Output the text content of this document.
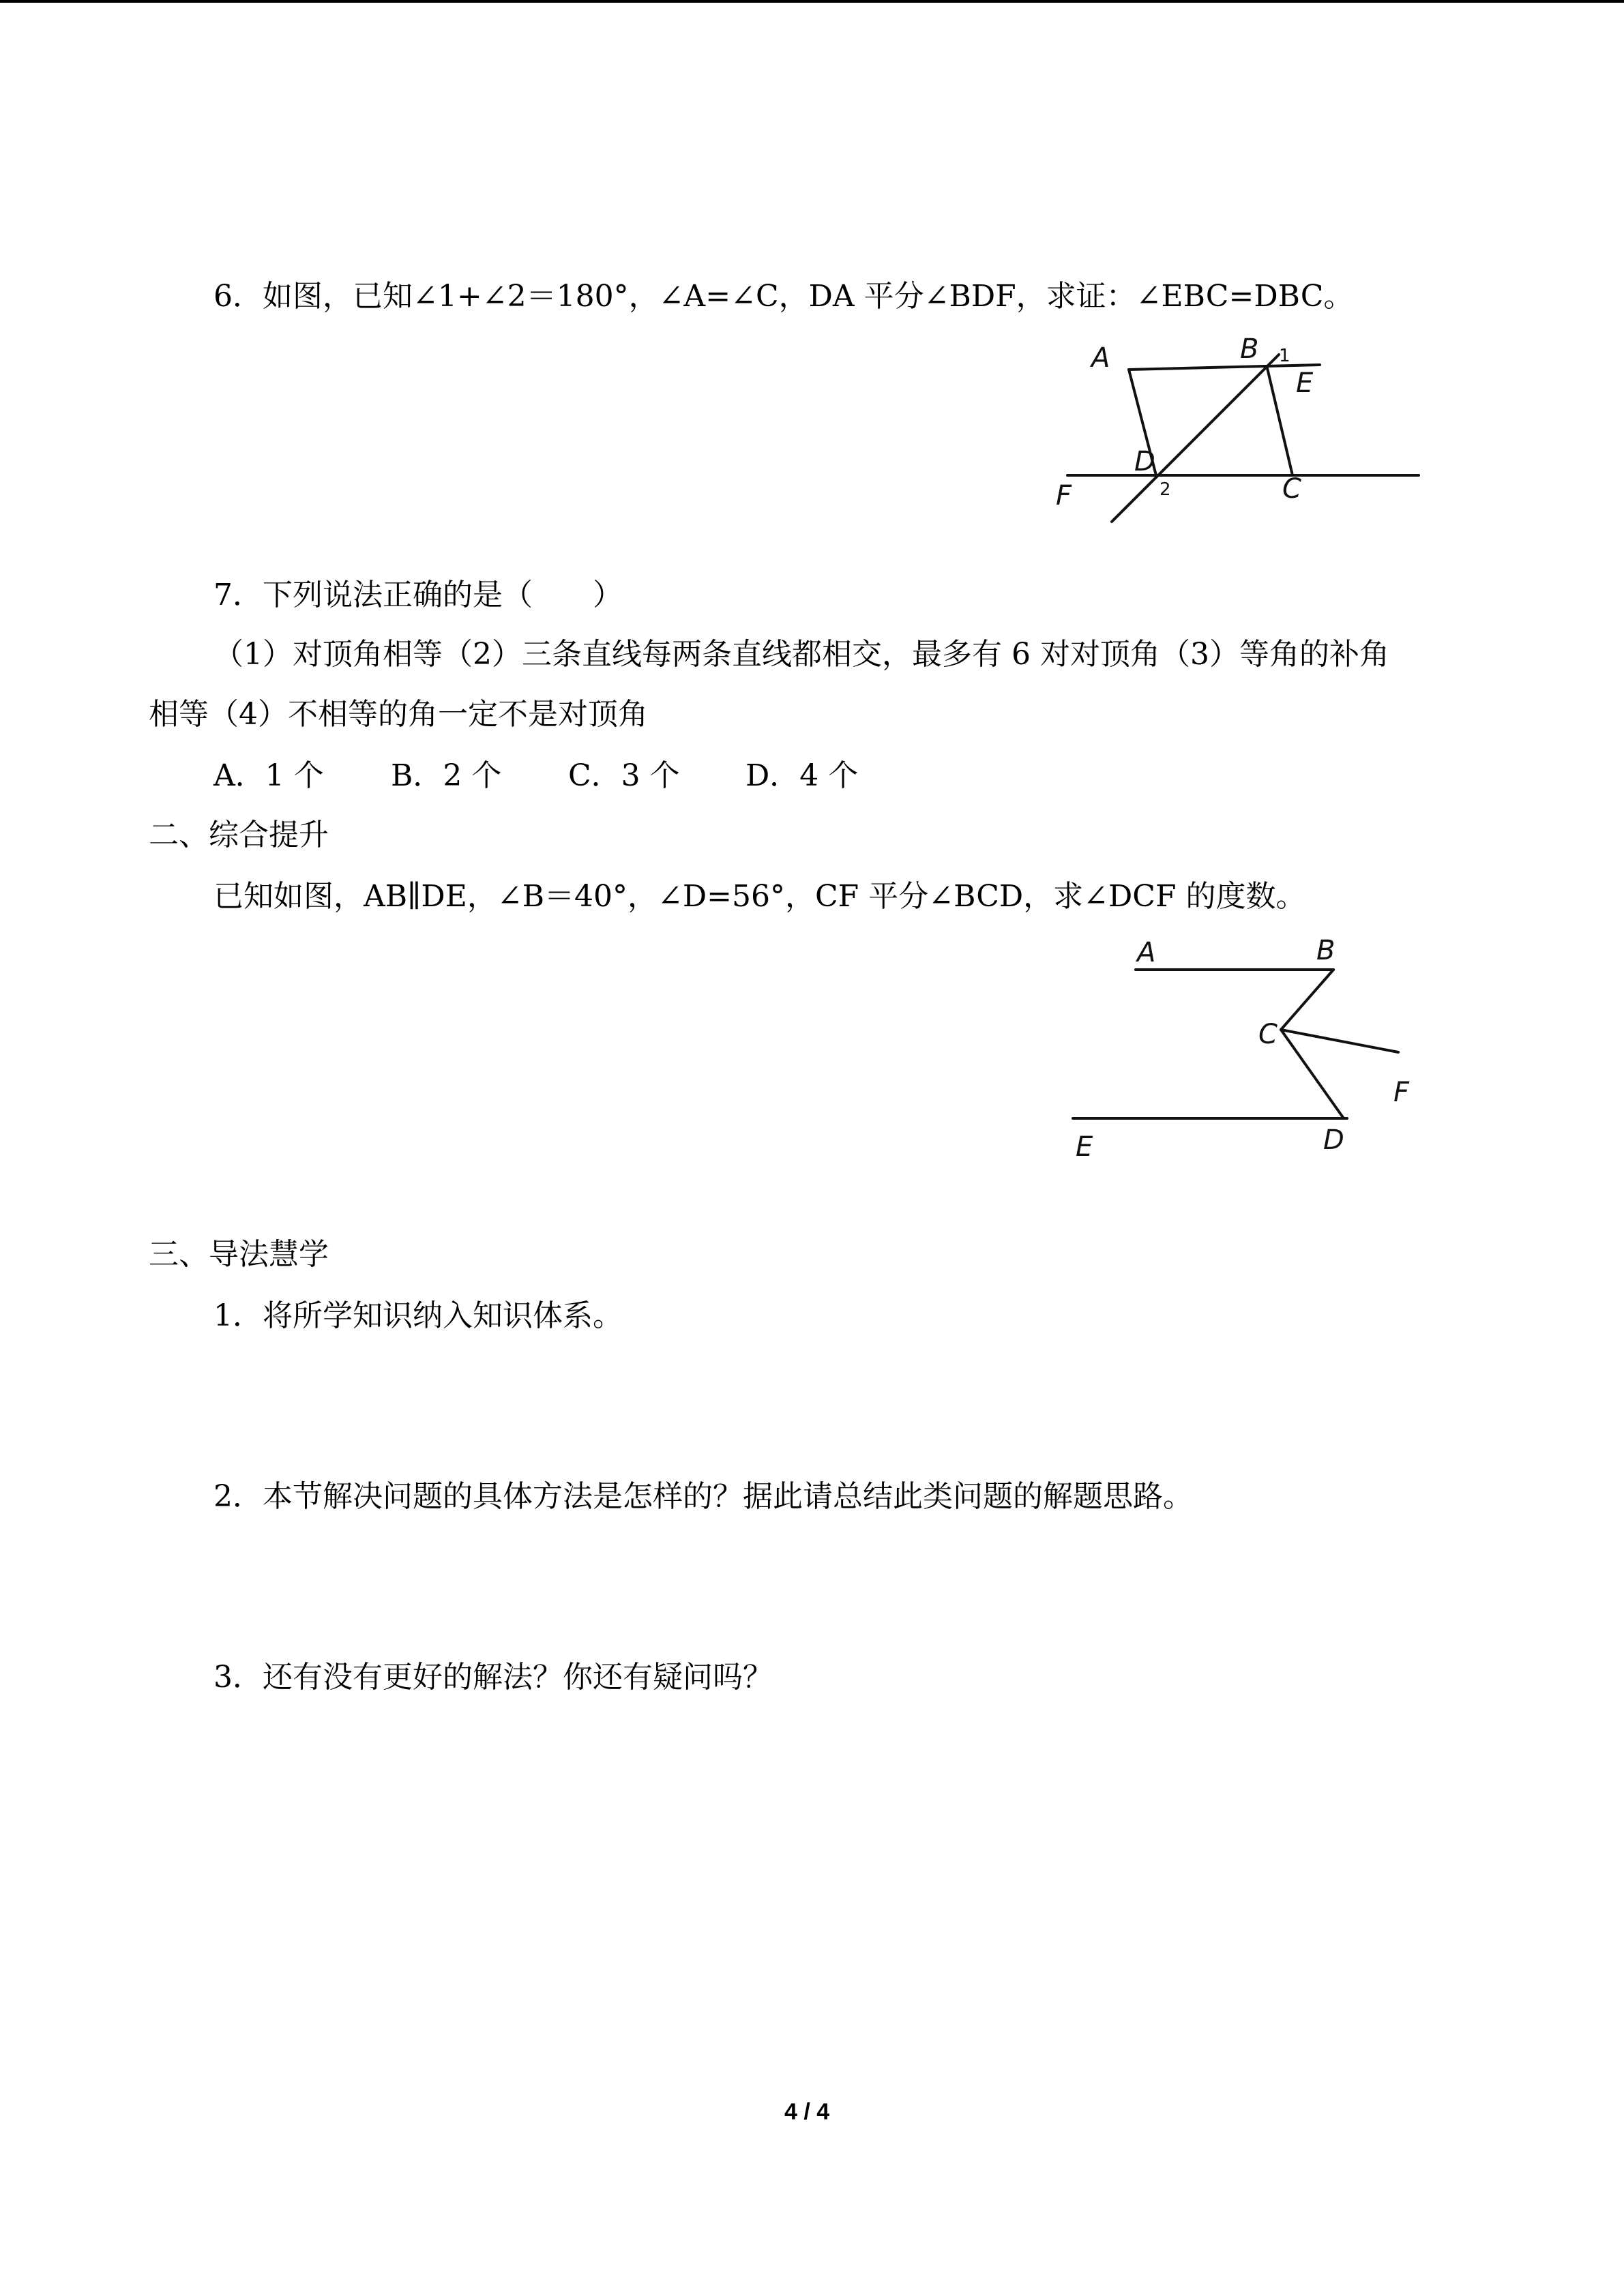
6．如图，已知∠1+∠2＝180°，∠A=∠C，DA 平分∠BDF，求证：∠EBC=DBC。
A	B 1
E
D
2	C
F
7．下列说法正确的是（　　）
（1）对顶角相等（2）三条直线每两条直线都相交，最多有 6 对对顶角（3）等角的补角
相等（4）不相等的角一定不是对顶角
A．1 个 B．2 个 C．3 个 D．4 个
二、综合提升
已知如图，AB∥DE，∠B＝40°，∠D=56°，CF 平分∠BCD，求∠DCF 的度数。
A	B
C
F
D
E
三、导法慧学
1．将所学知识纳入知识体系。
2．本节解决问题的具体方法是怎样的？据此请总结此类问题的解题思路。
3．还有没有更好的解法？你还有疑问吗？
4 / 4
